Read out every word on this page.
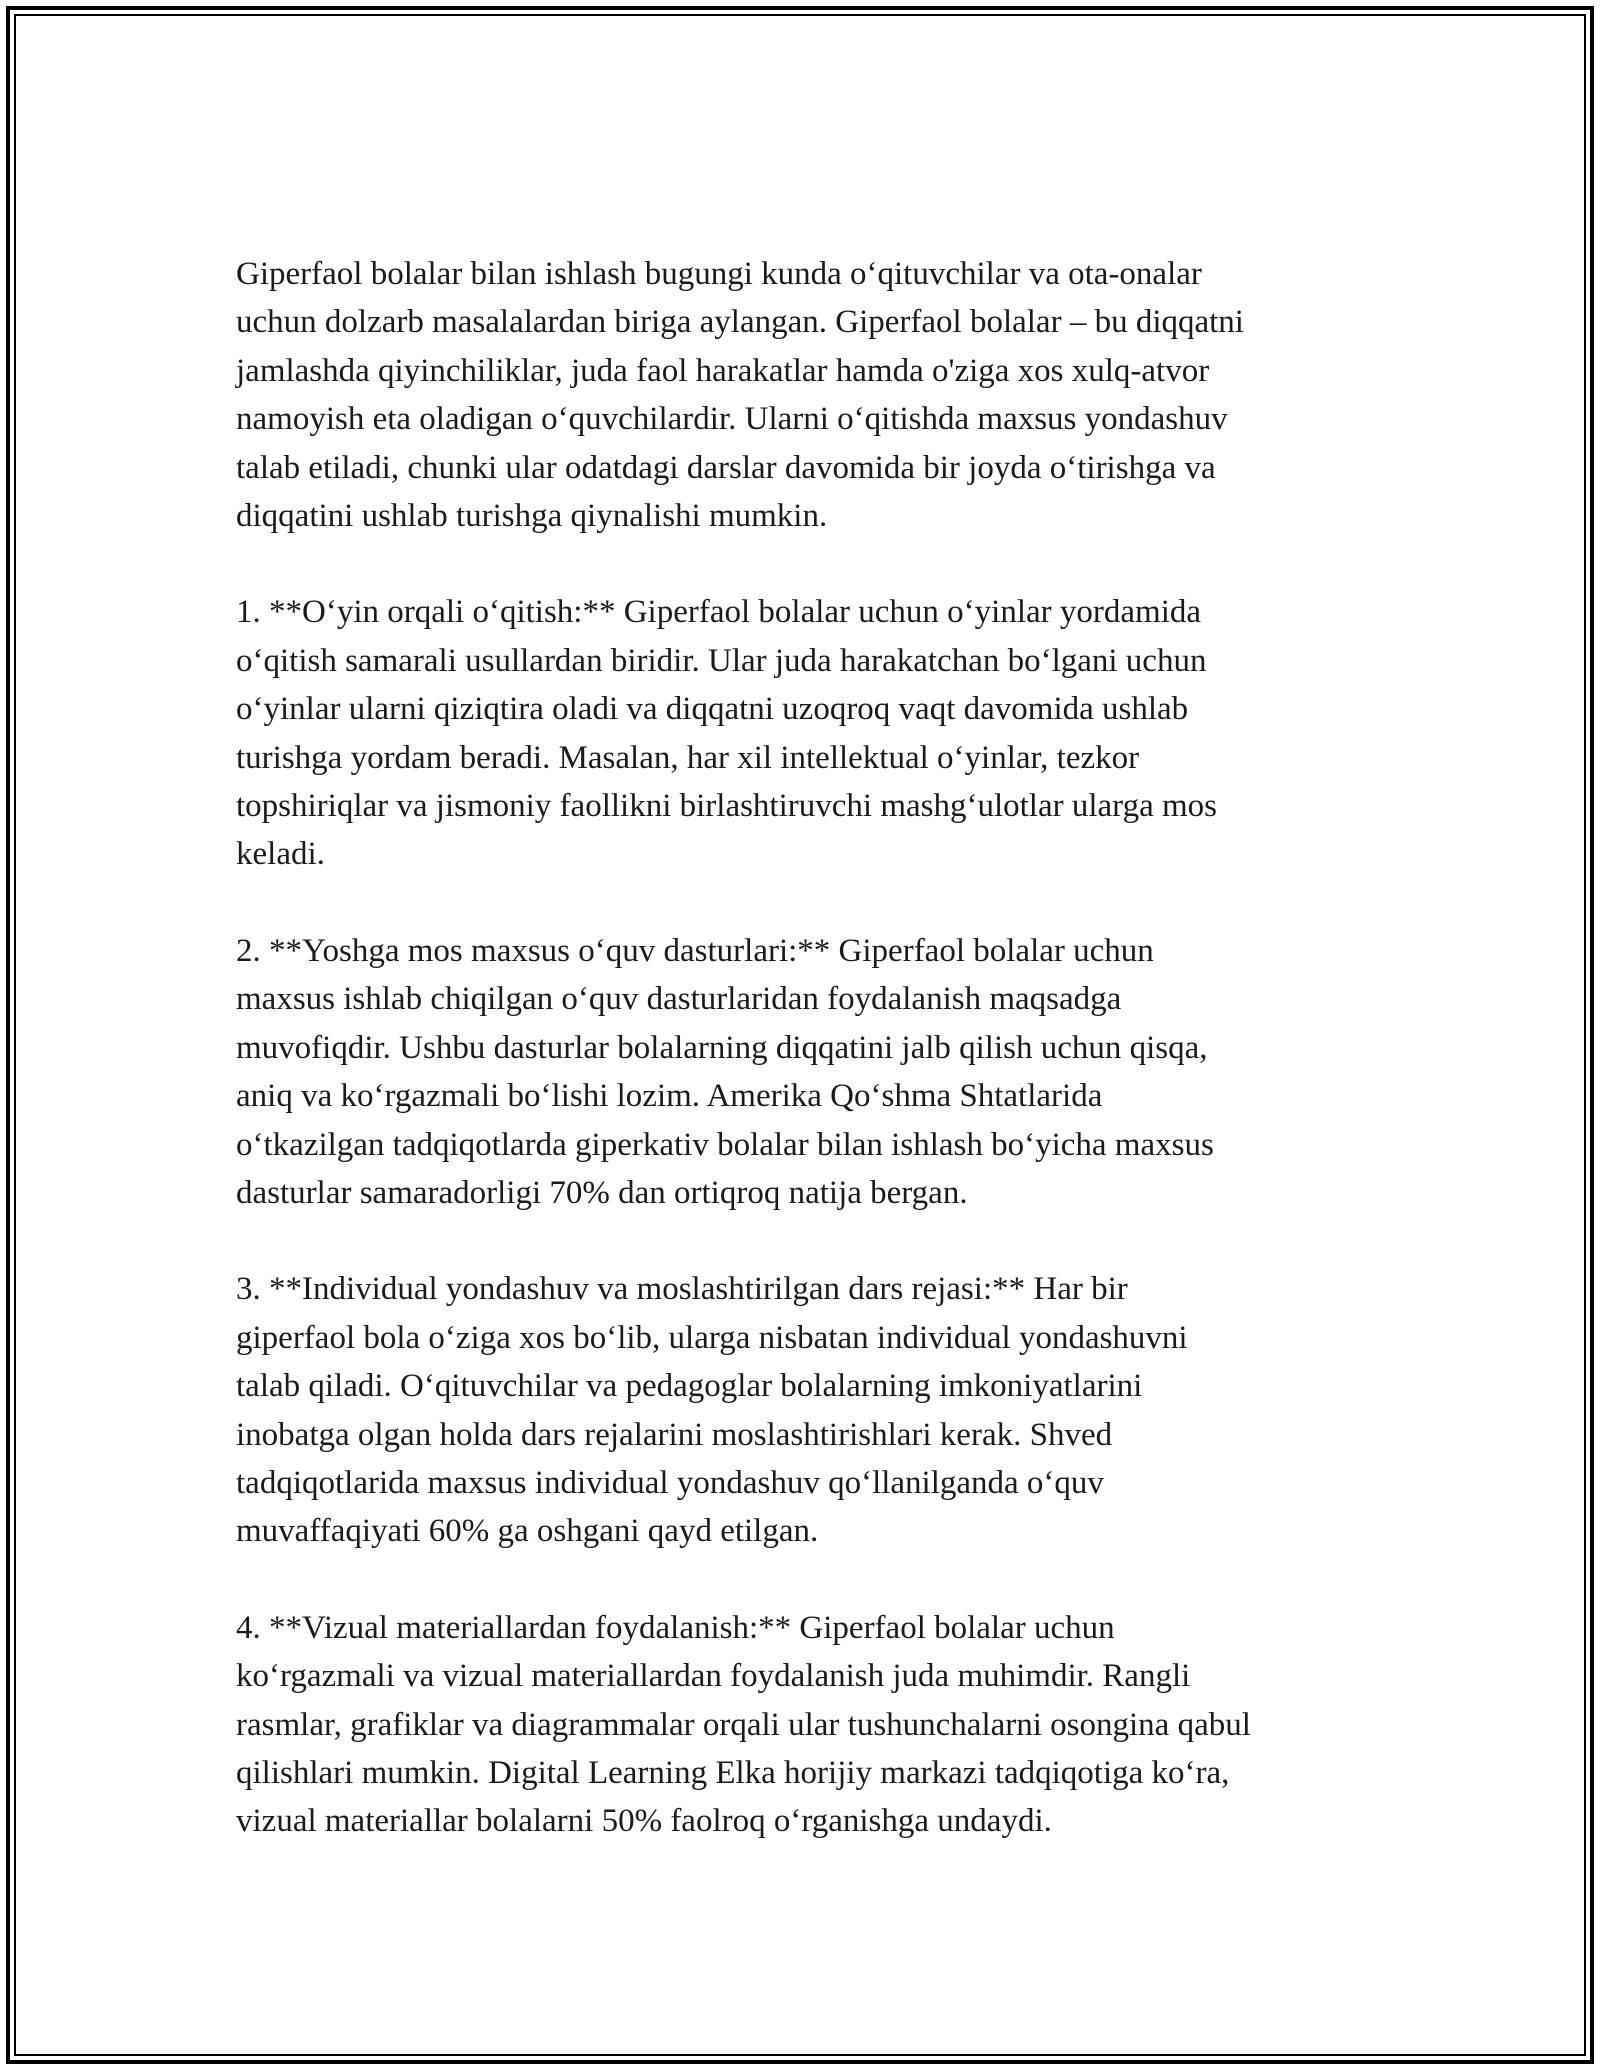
Giperfaol bolalar bilan ishlash bugungi kunda o‘qituvchilar va ota-onalar
uchun dolzarb masalalardan biriga aylangan. Giperfaol bolalar – bu diqqatni
jamlashda qiyinchiliklar, juda faol harakatlar hamda o'ziga xos xulq-atvor
namoyish eta oladigan o‘quvchilardir. Ularni o‘qitishda maxsus yondashuv
talab etiladi, chunki ular odatdagi darslar davomida bir joyda o‘tirishga va
diqqatini ushlab turishga qiynalishi mumkin.

1. **O‘yin orqali o‘qitish:** Giperfaol bolalar uchun o‘yinlar yordamida
o‘qitish samarali usullardan biridir. Ular juda harakatchan bo‘lgani uchun
o‘yinlar ularni qiziqtira oladi va diqqatni uzoqroq vaqt davomida ushlab
turishga yordam beradi. Masalan, har xil intellektual o‘yinlar, tezkor
topshiriqlar va jismoniy faollikni birlashtiruvchi mashg‘ulotlar ularga mos
keladi.

2. **Yoshga mos maxsus o‘quv dasturlari:** Giperfaol bolalar uchun
maxsus ishlab chiqilgan o‘quv dasturlaridan foydalanish maqsadga
muvofiqdir. Ushbu dasturlar bolalarning diqqatini jalb qilish uchun qisqa,
aniq va ko‘rgazmali bo‘lishi lozim. Amerika Qo‘shma Shtatlarida
o‘tkazilgan tadqiqotlarda giperkativ bolalar bilan ishlash bo‘yicha maxsus
dasturlar samaradorligi 70% dan ortiqroq natija bergan.

3. **Individual yondashuv va moslashtirilgan dars rejasi:** Har bir
giperfaol bola o‘ziga xos bo‘lib, ularga nisbatan individual yondashuvni
talab qiladi. O‘qituvchilar va pedagoglar bolalarning imkoniyatlarini
inobatga olgan holda dars rejalarini moslashtirishlari kerak. Shved
tadqiqotlarida maxsus individual yondashuv qo‘llanilganda o‘quv
muvaffaqiyati 60% ga oshgani qayd etilgan.

4. **Vizual materiallardan foydalanish:** Giperfaol bolalar uchun
ko‘rgazmali va vizual materiallardan foydalanish juda muhimdir. Rangli
rasmlar, grafiklar va diagrammalar orqali ular tushunchalarni osongina qabul
qilishlari mumkin. Digital Learning Elka horijiy markazi tadqiqotiga ko‘ra,
vizual materiallar bolalarni 50% faolroq o‘rganishga undaydi.
